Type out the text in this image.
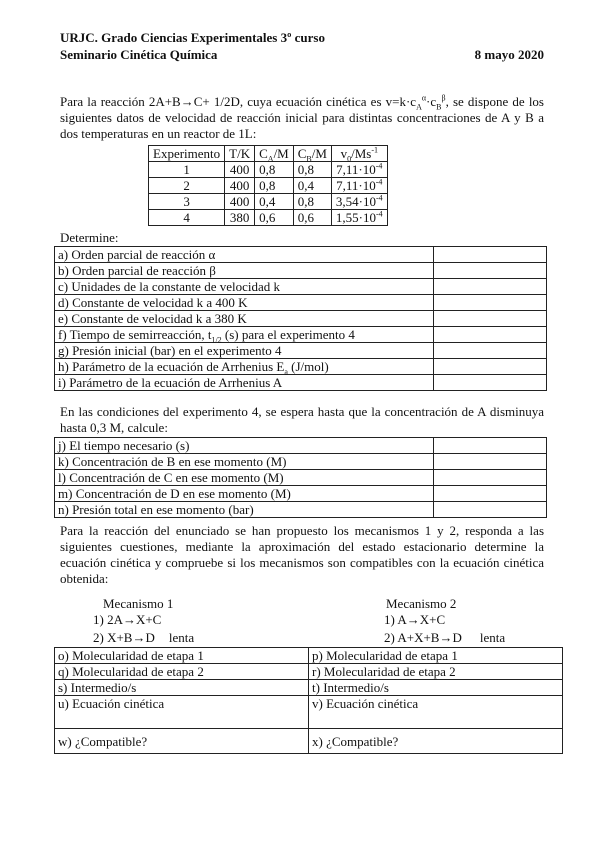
URJC. Grado Ciencias Experimentales 3º curso
Seminario Cinética Química	8 mayo 2020

Para la reacción 2A+B→C+ 1/2D, cuya ecuación cinética es $v=k\cdot c_A^\alpha\cdot c_B^\beta$, se dispone de los siguientes datos de velocidad de reacción inicial para distintas concentraciones de A y B a dos temperaturas en un reactor de 1L:

Experimento	T/K	$C_A/M$	$C_B/M$	$v_0/Ms^{-1}$
1	400	0,8	0,8	$7,11\cdot 10^{-4}$
2	400	0,8	0,4	$7,11\cdot 10^{-4}$
3	400	0,4	0,8	$3,54\cdot 10^{-4}$
4	380	0,6	0,6	$1,55\cdot 10^{-4}$
Determine:
a) Orden parcial de reacción α	
b) Orden parcial de reacción β	
c) Unidades de la constante de velocidad k	
d) Constante de velocidad k a 400 K	
e) Constante de velocidad k a 380 K	
f) Tiempo de semirreacción, $t_{1/2}$ (s) para el experimento 4	
g) Presión inicial (bar) en el experimento 4	
h) Parámetro de la ecuación de Arrhenius $E_a$ (J/mol)	
i) Parámetro de la ecuación de Arrhenius A	

En las condiciones del experimento 4, se espera hasta que la concentración de A disminuya hasta 0,3 M, calcule:

j) El tiempo necesario (s)	
k) Concentración de B en ese momento (M)	
l) Concentración de C en ese momento (M)	
m) Concentración de D en ese momento (M)	
n) Presión total en ese momento (bar)	

Para la reacción del enunciado se han propuesto los mecanismos 1 y 2, responda a las siguientes cuestiones, mediante la aproximación del estado estacionario determine la ecuación cinética y compruebe si los mecanismos son compatibles con la ecuación cinética obtenida:

Mecanismo 1
1) 2A→X+C
2) X+B→D lenta
Mecanismo 2
1) A→X+C
2) A+X+B→D lenta
o) Molecularidad de etapa 1	p) Molecularidad de etapa 1
q) Molecularidad de etapa 2	r) Molecularidad de etapa 2
s) Intermedio/s	t) Intermedio/s
u) Ecuación cinética	v) Ecuación cinética
w) ¿Compatible?	x) ¿Compatible?
